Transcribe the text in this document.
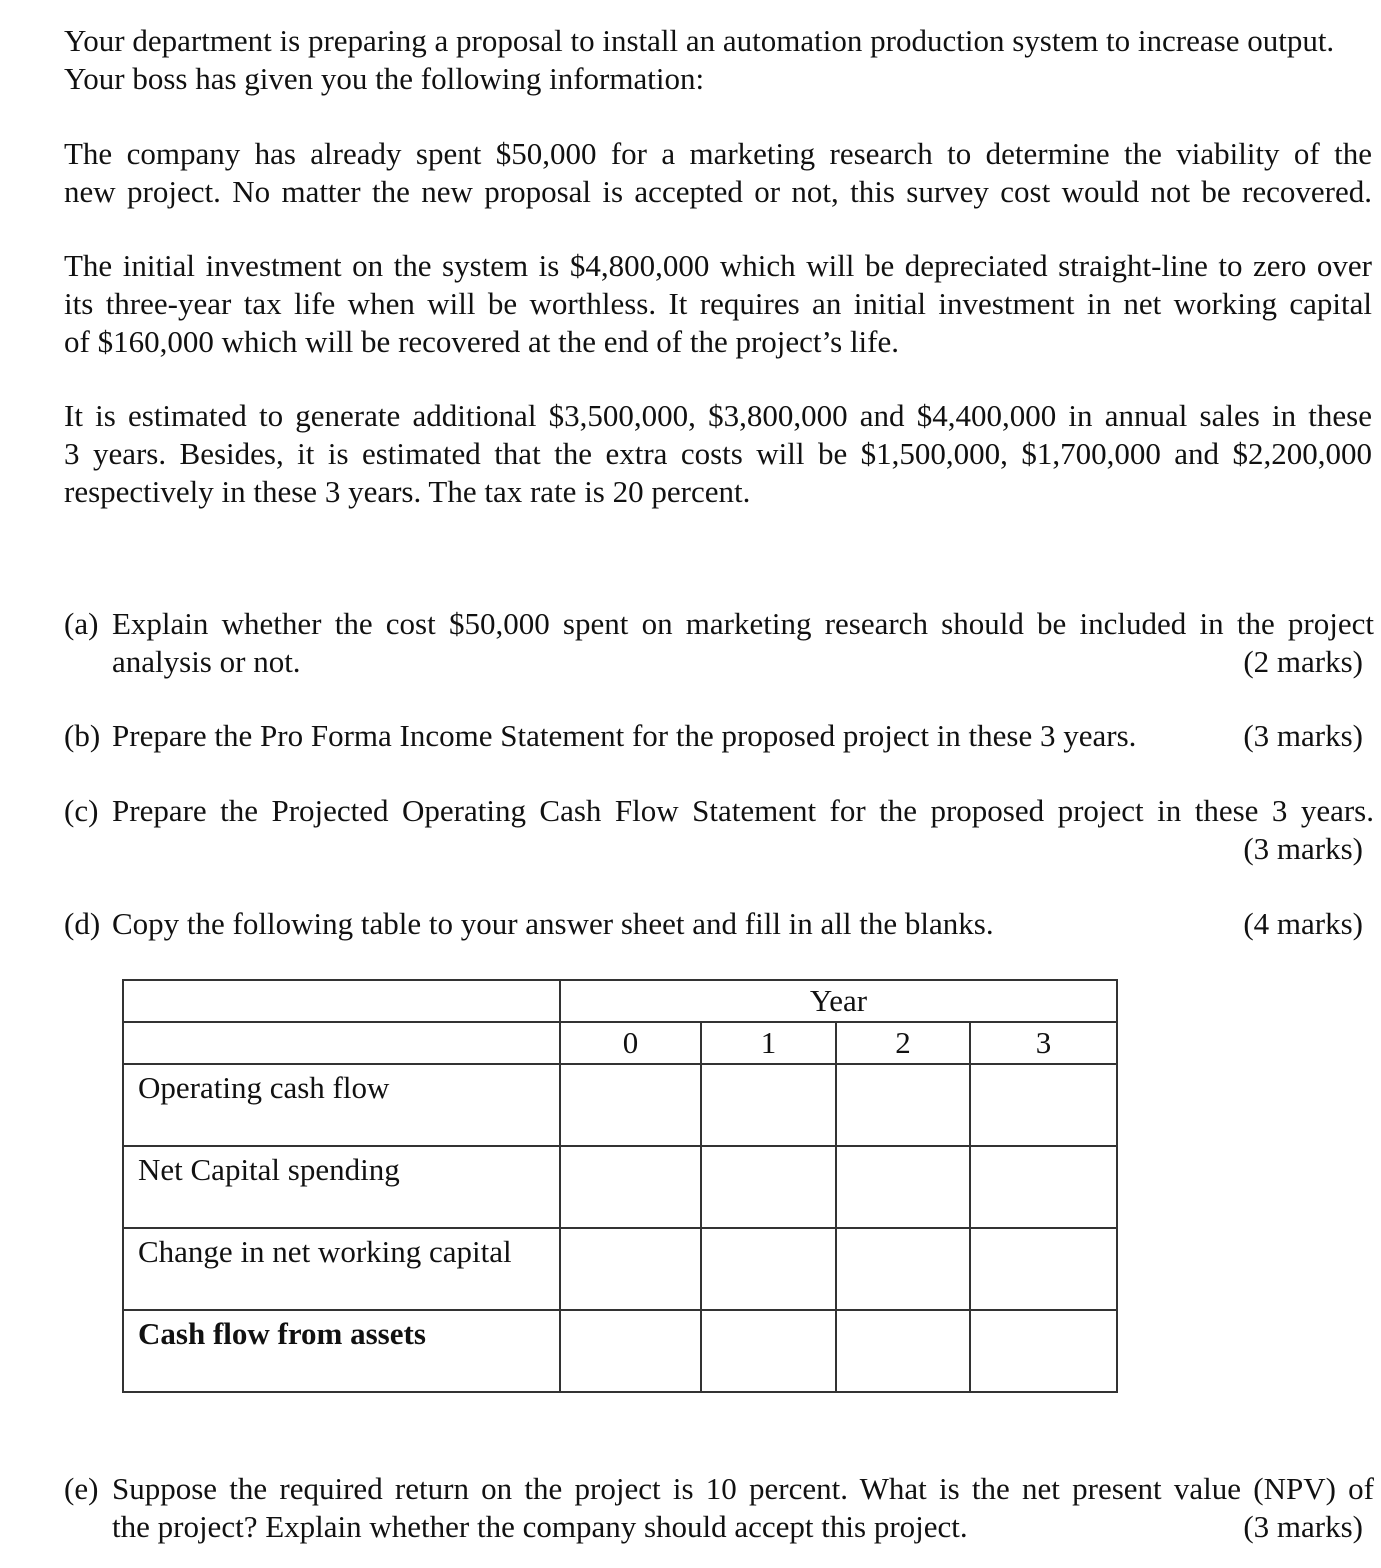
Your department is preparing a proposal to install an automation production system to increase output.
Your boss has given you the following information:
The company has already spent $50,000 for a marketing research to determine the viability of the
new project. No matter the new proposal is accepted or not, this survey cost would not be recovered.
The initial investment on the system is $4,800,000 which will be depreciated straight-line to zero over
its three-year tax life when will be worthless. It requires an initial investment in net working capital
of $160,000 which will be recovered at the end of the project’s life.
It is estimated to generate additional $3,500,000, $3,800,000 and $4,400,000 in annual sales in these
3 years. Besides, it is estimated that the extra costs will be $1,500,000, $1,700,000 and $2,200,000
respectively in these 3 years. The tax rate is 20 percent.
(a) Explain whether the cost $50,000 spent on marketing research should be included in the project
analysis or not.	(2 marks)
(b) Prepare the Pro Forma Income Statement for the proposed project in these 3 years.	(3 marks)
(c) Prepare the Projected Operating Cash Flow Statement for the proposed project in these 3 years.
(3 marks)
(d) Copy the following table to your answer sheet and fill in all the blanks.	(4 marks)
	Year			
	0	1	2	3
Operating cash flow				
Net Capital spending				
Change in net working capital				
Cash flow from assets				
(e) Suppose the required return on the project is 10 percent. What is the net present value (NPV) of
the project? Explain whether the company should accept this project.	(3 marks)
